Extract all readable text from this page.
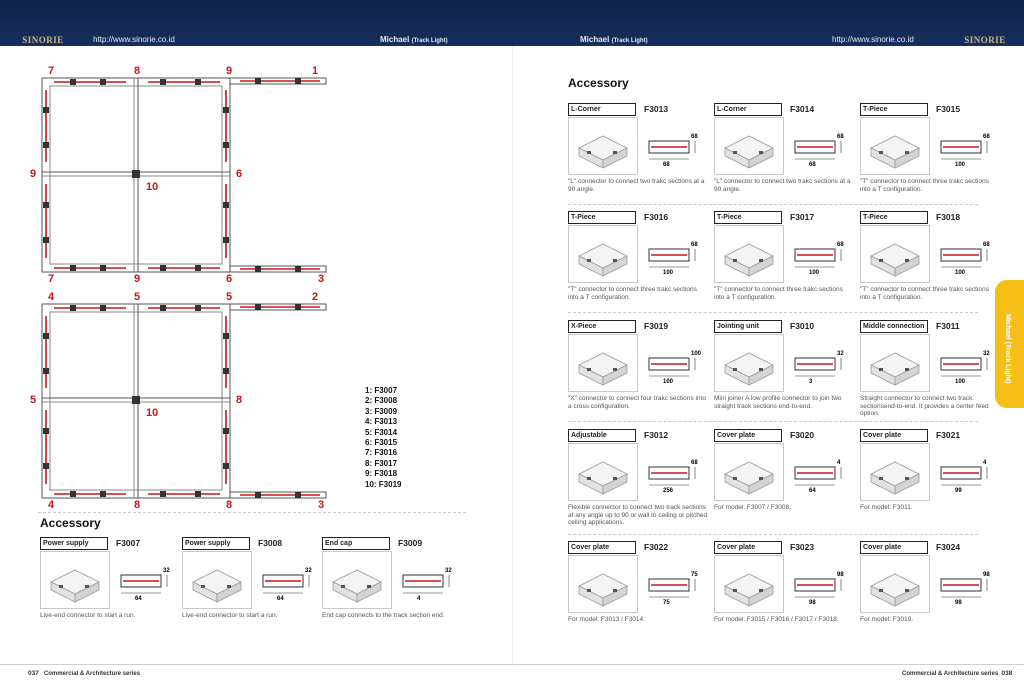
SINORIE	http://www.sinorie.co.id	Michael (Track Light)	Michael (Track Light)	http://www.sinorie.co.id	SINORIE
7	8	9	1
9	6
10
7	9	6	3
4	5	5	2
5	8
10
4	8	8	3
1: F3007
2: F3008
3: F3009
4: F3013
5: F3014
6: F3015
7: F3016
8: F3017
9: F3018
10: F3019
Accessory
Power supply	F3007
64
32
Live-end connector to start a run.
Power supply	F3008
64
32
Live-end connector to start a run.
End cap	F3009
4
32
End cap connects to the track section end.
Accessory
L-Corner	F3013
68
68
"L" connector to connect two trakc sections at a 90 angle.
L-Corner	F3014
68
68
"L" connector to connect two trakc sections at a 90 angle.
T-Piece	F3015
100
68
"T" connector to connect three trakc sections into a T configuration.
T-Piece	F3016
100
68
"T" connector to connect three trakc sections into a T configuration.
T-Piece	F3017
100
68
"T" connector to connect three trakc sections into a T configuration.
T-Piece	F3018
100
68
"T" connector to connect three trakc sections into a T configuration.
X-Piece	F3019
100
100
"X" connector to connect four trakc sections into a cross configuration.
Jointing unit	F3010
3
32
Mini joiner A low profile connector to join two straight track sections end-to-end.
Middle connection	F3011
100
32
Straight connector to connect two track sectionsend-to-end. It provides a center feed option.
Adjustable	F3012
256
68
Flexible connector to connect two track sections at any angle up to 90 or wall to ceiling or pitched ceiling applications.
Cover plate	F3020
64
4
For model: F3007 / F3008.
Cover plate	F3021
99
4
For model: F3011.
Cover plate	F3022
75
75
For model: F3013 / F3014.
Cover plate	F3023
98
98
For model: F3015 / F3016 / F3017 / F3018.
Cover plate	F3024
98
98
For model: F3019.
Michael (Track Light)
037 Commercial & Architecture series	Commercial & Architecture series 038
